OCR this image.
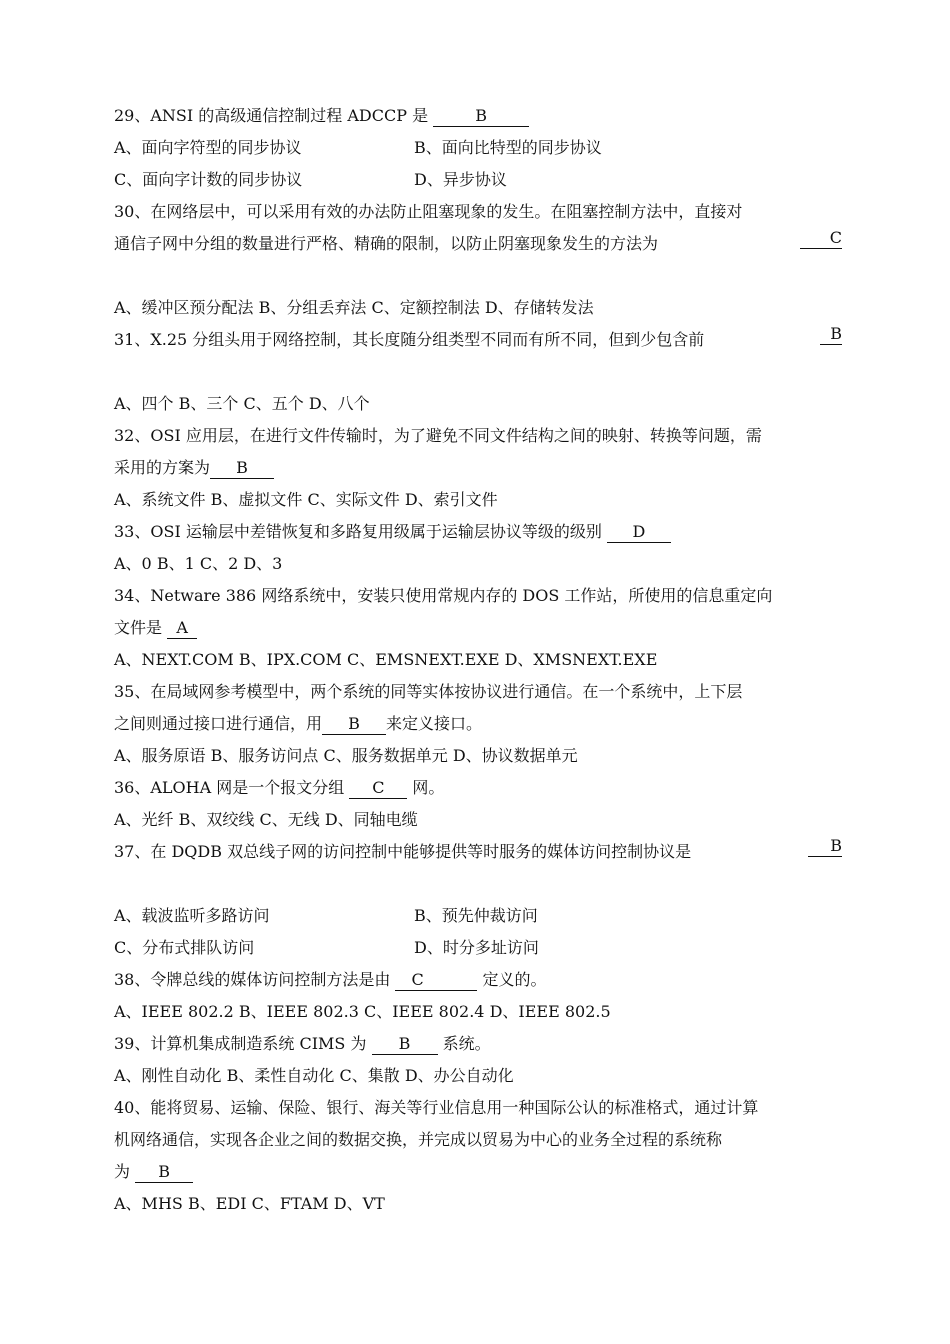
29、ANSI 的高级通信控制过程 ADCCP 是	B
A、面向字符型的同步协议	B、面向比特型的同步协议
C、面向字计数的同步协议	D、异步协议
30、在网络层中，可以采用有效的办法防止阻塞现象的发生。在阻塞控制方法中，直接对
通信子网中分组的数量进行严格、精确的限制，以防止阴塞现象发生的方法为	C
A、缓冲区预分配法 B、分组丢弃法 C、定额控制法 D、存储转发法
31、X.25 分组头用于网络控制，其长度随分组类型不同而有所不同，但到少包含前	B
A、四个 B、三个 C、五个 D、八个
32、OSI 应用层，在进行文件传输时，为了避免不同文件结构之间的映射、转换等问题，需
采用的方案为 B
A、系统文件 B、虚拟文件 C、实际文件 D、索引文件
33、OSI 运输层中差错恢复和多路复用级属于运输层协议等级的级别 D
A、0 B、1 C、2 D、3
34、Netware 386 网络系统中，安装只使用常规内存的 DOS 工作站，所使用的信息重定向
文件是 A
A、NEXT.COM B、IPX.COM C、EMSNEXT.EXE D、XMSNEXT.EXE
35、在局域网参考模型中，两个系统的同等实体按协议进行通信。在一个系统中，上下层
之间则通过接口进行通信，用 B 来定义接口。
A、服务原语 B、服务访问点 C、服务数据单元 D、协议数据单元
36、ALOHA 网是一个报文分组 C 网。
A、光纤 B、双绞线 C、无线 D、同轴电缆
37、在 DQDB 双总线子网的访问控制中能够提供等时服务的媒体访问控制协议是	B
A、载波监听多路访问	B、预先仲裁访问
C、分布式排队访问	D、时分多址访问
38、令牌总线的媒体访问控制方法是由 C	定义的。
A、IEEE 802.2 B、IEEE 802.3 C、IEEE 802.4 D、IEEE 802.5
39、计算机集成制造系统 CIMS 为 B 系统。
A、刚性自动化 B、柔性自动化 C、集散 D、办公自动化
40、能将贸易、运输、保险、银行、海关等行业信息用一种国际公认的标准格式，通过计算
机网络通信，实现各企业之间的数据交换，并完成以贸易为中心的业务全过程的系统称
为 B
A、MHS B、EDI C、FTAM D、VT
